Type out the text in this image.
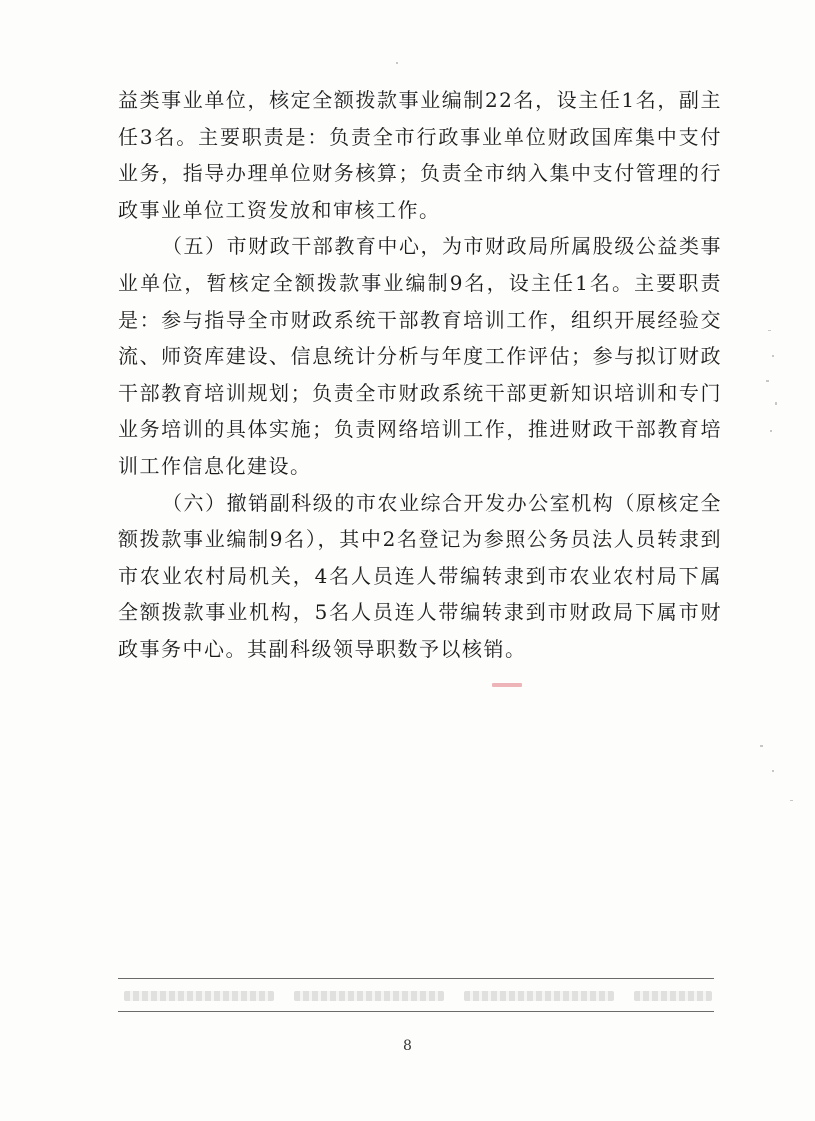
益类事业单位，核定全额拨款事业编制22名，设主任1名，副主任3名。主要职责是：负责全市行政事业单位财政国库集中支付业务，指导办理单位财务核算；负责全市纳入集中支付管理的行政事业单位工资发放和审核工作。

（五）市财政干部教育中心，为市财政局所属股级公益类事业单位，暂核定全额拨款事业编制9名，设主任1名。主要职责是：参与指导全市财政系统干部教育培训工作，组织开展经验交流、师资库建设、信息统计分析与年度工作评估；参与拟订财政干部教育培训规划；负责全市财政系统干部更新知识培训和专门业务培训的具体实施；负责网络培训工作，推进财政干部教育培训工作信息化建设。

（六）撤销副科级的市农业综合开发办公室机构（原核定全额拨款事业编制9名），其中2名登记为参照公务员法人员转隶到市农业农村局机关，4名人员连人带编转隶到市农业农村局下属全额拨款事业机构，5名人员连人带编转隶到市财政局下属市财政事务中心。其副科级领导职数予以核销。

8
